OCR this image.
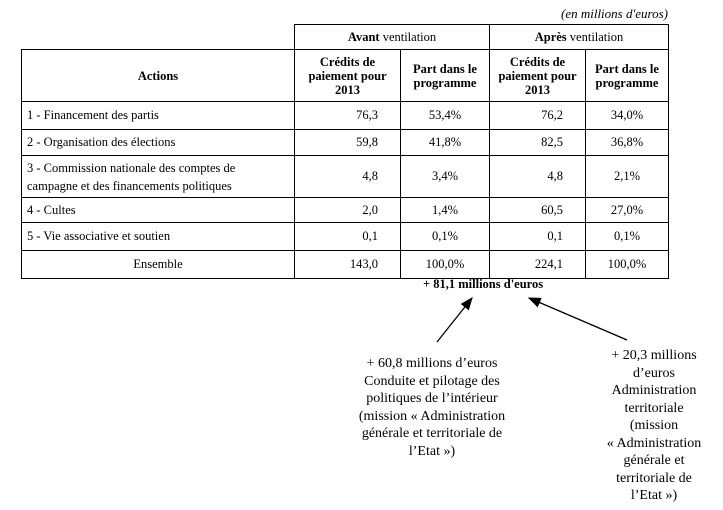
(en millions d'euros)
	Avant ventilation		Après ventilation	
Actions	Crédits de paiement pour 2013	Part dans le programme	Crédits de paiement pour 2013	Part dans le programme
1 - Financement des partis	76,3	53,4%	76,2	34,0%
2 - Organisation des élections	59,8	41,8%	82,5	36,8%
3 - Commission nationale des comptes de campagne et des financements politiques	4,8	3,4%	4,8	2,1%
4 - Cultes	2,0	1,4%	60,5	27,0%
5 - Vie associative et soutien	0,1	0,1%	0,1	0,1%
Ensemble	143,0	100,0%	224,1	100,0%
+ 81,1 millions d'euros
+ 60,8 millions d’euros
Conduite et pilotage des
politiques de l’intérieur
(mission « Administration
générale et territoriale de
l’Etat »)
+ 20,3 millions
d’euros
Administration
territoriale
(mission
« Administration
générale et
territoriale de
l’Etat »)
